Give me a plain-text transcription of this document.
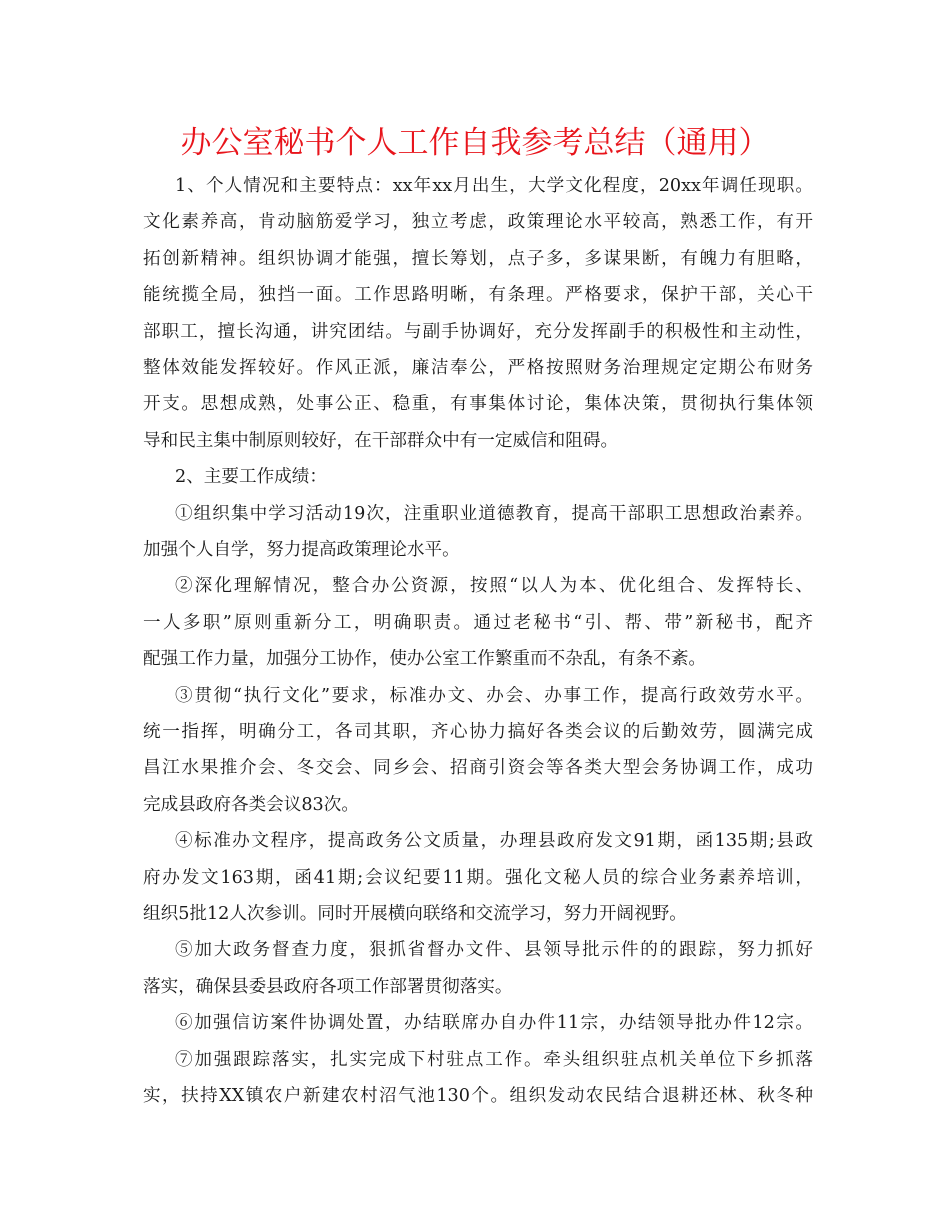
办公室秘书个人工作自我参考总结（通用）
1、个人情况和主要特点：xx年xx月出生，大学文化程度，20xx年调任现职。
文化素养高，肯动脑筋爱学习，独立考虑，政策理论水平较高，熟悉工作，有开
拓创新精神。组织协调才能强，擅长筹划，点子多，多谋果断，有魄力有胆略，
能统揽全局，独挡一面。工作思路明晰，有条理。严格要求，保护干部，关心干
部职工，擅长沟通，讲究团结。与副手协调好，充分发挥副手的积极性和主动性，
整体效能发挥较好。作风正派，廉洁奉公，严格按照财务治理规定定期公布财务
开支。思想成熟，处事公正、稳重，有事集体讨论，集体决策，贯彻执行集体领
导和民主集中制原则较好，在干部群众中有一定威信和阻碍。
2、主要工作成绩：
①组织集中学习活动19次，注重职业道德教育，提高干部职工思想政治素养。
加强个人自学，努力提高政策理论水平。
②深化理解情况，整合办公资源，按照“以人为本、优化组合、发挥特长、
一人多职”原则重新分工，明确职责。通过老秘书“引、帮、带”新秘书，配齐
配强工作力量，加强分工协作，使办公室工作繁重而不杂乱，有条不紊。
③贯彻“执行文化”要求，标准办文、办会、办事工作，提高行政效劳水平。
统一指挥，明确分工，各司其职，齐心协力搞好各类会议的后勤效劳，圆满完成
昌江水果推介会、冬交会、同乡会、招商引资会等各类大型会务协调工作，成功
完成县政府各类会议83次。
④标准办文程序，提高政务公文质量，办理县政府发文91期，函135期;县政
府办发文163期，函41期;会议纪要11期。强化文秘人员的综合业务素养培训，
组织5批12人次参训。同时开展横向联络和交流学习，努力开阔视野。
⑤加大政务督查力度，狠抓省督办文件、县领导批示件的的跟踪，努力抓好
落实，确保县委县政府各项工作部署贯彻落实。
⑥加强信访案件协调处置，办结联席办自办件11宗，办结领导批办件12宗。
⑦加强跟踪落实，扎实完成下村驻点工作。牵头组织驻点机关单位下乡抓落
实，扶持XX镇农户新建农村沼气池130个。组织发动农民结合退耕还林、秋冬种
